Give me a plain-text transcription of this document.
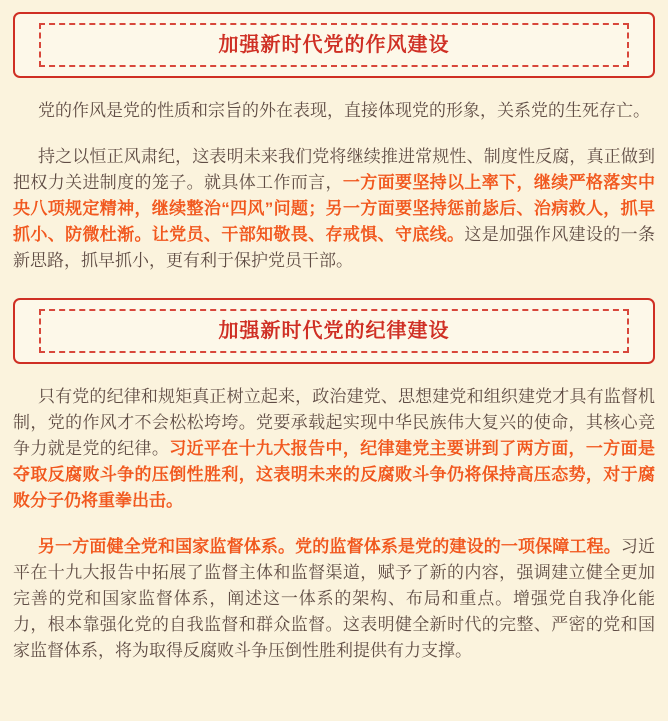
加强新时代党的作风建设

党的作风是党的性质和宗旨的外在表现，直接体现党的形象，关系党的生死存亡。

持之以恒正风肃纪，这表明未来我们党将继续推进常规性、制度性反腐，真正做到把权力关进制度的笼子。就具体工作而言，一方面要坚持以上率下，继续严格落实中央八项规定精神，继续整治“四风”问题；另一方面要坚持惩前毖后、治病救人，抓早抓小、防微杜渐。让党员、干部知敬畏、存戒惧、守底线。这是加强作风建设的一条新思路，抓早抓小，更有利于保护党员干部。

加强新时代党的纪律建设

只有党的纪律和规矩真正树立起来，政治建党、思想建党和组织建党才具有监督机制，党的作风才不会松松垮垮。党要承载起实现中华民族伟大复兴的使命，其核心竞争力就是党的纪律。习近平在十九大报告中，纪律建党主要讲到了两方面，一方面是夺取反腐败斗争的压倒性胜利，这表明未来的反腐败斗争仍将保持高压态势，对于腐败分子仍将重拳出击。

另一方面健全党和国家监督体系。党的监督体系是党的建设的一项保障工程。习近平在十九大报告中拓展了监督主体和监督渠道，赋予了新的内容，强调建立健全更加完善的党和国家监督体系，阐述这一体系的架构、布局和重点。增强党自我净化能力，根本靠强化党的自我监督和群众监督。这表明健全新时代的完整、严密的党和国家监督体系，将为取得反腐败斗争压倒性胜利提供有力支撑。
